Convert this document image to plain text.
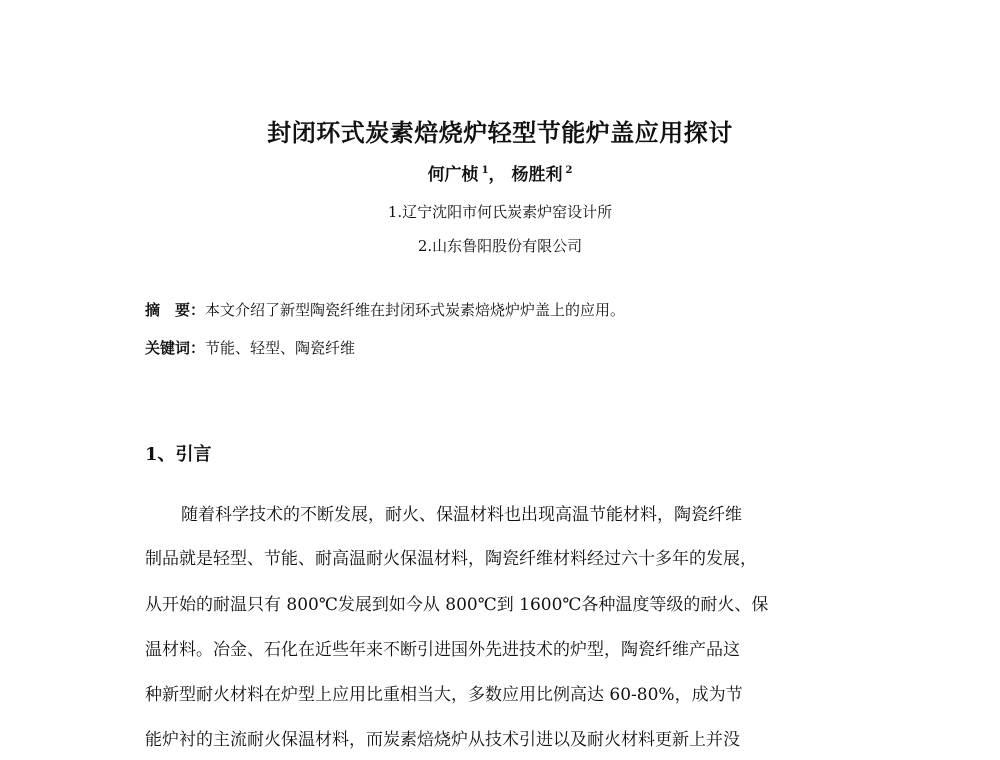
封闭环式炭素焙烧炉轻型节能炉盖应用探讨
何广桢 $^1$， 杨胜利 $^2$
1.辽宁沈阳市何氏炭素炉窑设计所
2.山东鲁阳股份有限公司
摘　要：本文介绍了新型陶瓷纤维在封闭环式炭素焙烧炉炉盖上的应用。
关键词：节能、轻型、陶瓷纤维
1、引言
随着科学技术的不断发展，耐火、保温材料也出现高温节能材料，陶瓷纤维
制品就是轻型、节能、耐高温耐火保温材料，陶瓷纤维材料经过六十多年的发展，
从开始的耐温只有 800℃发展到如今从 800℃到 1600℃各种温度等级的耐火、保
温材料。冶金、石化在近些年来不断引进国外先进技术的炉型，陶瓷纤维产品这
种新型耐火材料在炉型上应用比重相当大，多数应用比例高达 60-80%，成为节
能炉衬的主流耐火保温材料，而炭素焙烧炉从技术引进以及耐火材料更新上并没
